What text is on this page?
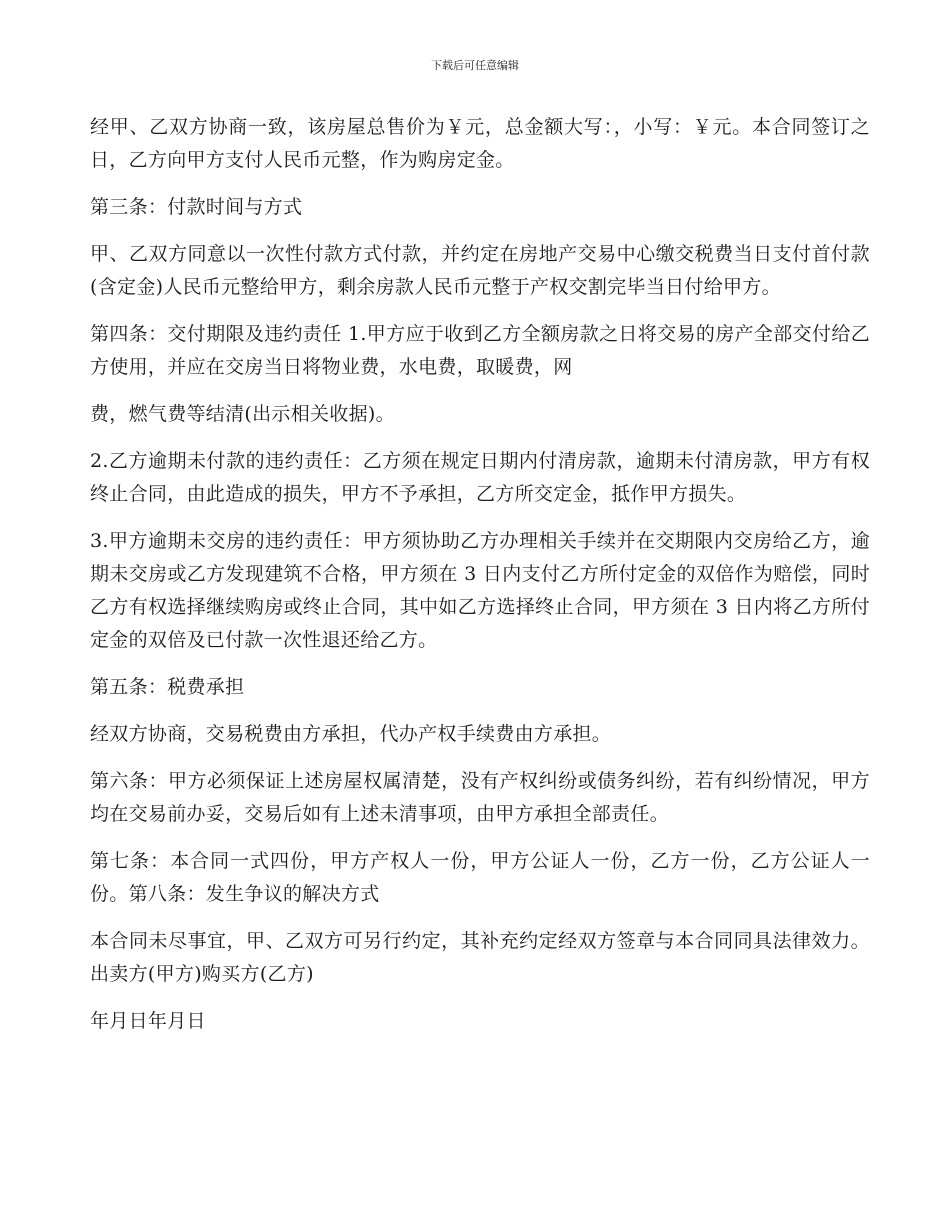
下载后可任意编辑

经甲、乙双方协商一致，该房屋总售价为￥元，总金额大写：，小写：￥元。本合同签订之日，乙方向甲方支付人民币元整，作为购房定金。

第三条：付款时间与方式

甲、乙双方同意以一次性付款方式付款，并约定在房地产交易中心缴交税费当日支付首付款(含定金)人民币元整给甲方，剩余房款人民币元整于产权交割完毕当日付给甲方。

第四条：交付期限及违约责任 1.甲方应于收到乙方全额房款之日将交易的房产全部交付给乙方使用，并应在交房当日将物业费，水电费，取暖费，网

费，燃气费等结清(出示相关收据)。

2.乙方逾期未付款的违约责任：乙方须在规定日期内付清房款，逾期未付清房款，甲方有权终止合同，由此造成的损失，甲方不予承担，乙方所交定金，抵作甲方损失。

3.甲方逾期未交房的违约责任：甲方须协助乙方办理相关手续并在交期限内交房给乙方，逾期未交房或乙方发现建筑不合格，甲方须在 3 日内支付乙方所付定金的双倍作为赔偿，同时乙方有权选择继续购房或终止合同，其中如乙方选择终止合同，甲方须在 3 日内将乙方所付定金的双倍及已付款一次性退还给乙方。

第五条：税费承担

经双方协商，交易税费由方承担，代办产权手续费由方承担。

第六条：甲方必须保证上述房屋权属清楚，没有产权纠纷或债务纠纷，若有纠纷情况，甲方均在交易前办妥，交易后如有上述未清事项，由甲方承担全部责任。

第七条：本合同一式四份，甲方产权人一份，甲方公证人一份，乙方一份，乙方公证人一份。第八条：发生争议的解决方式

本合同未尽事宜，甲、乙双方可另行约定，其补充约定经双方签章与本合同同具法律效力。出卖方(甲方)购买方(乙方)

年月日年月日
